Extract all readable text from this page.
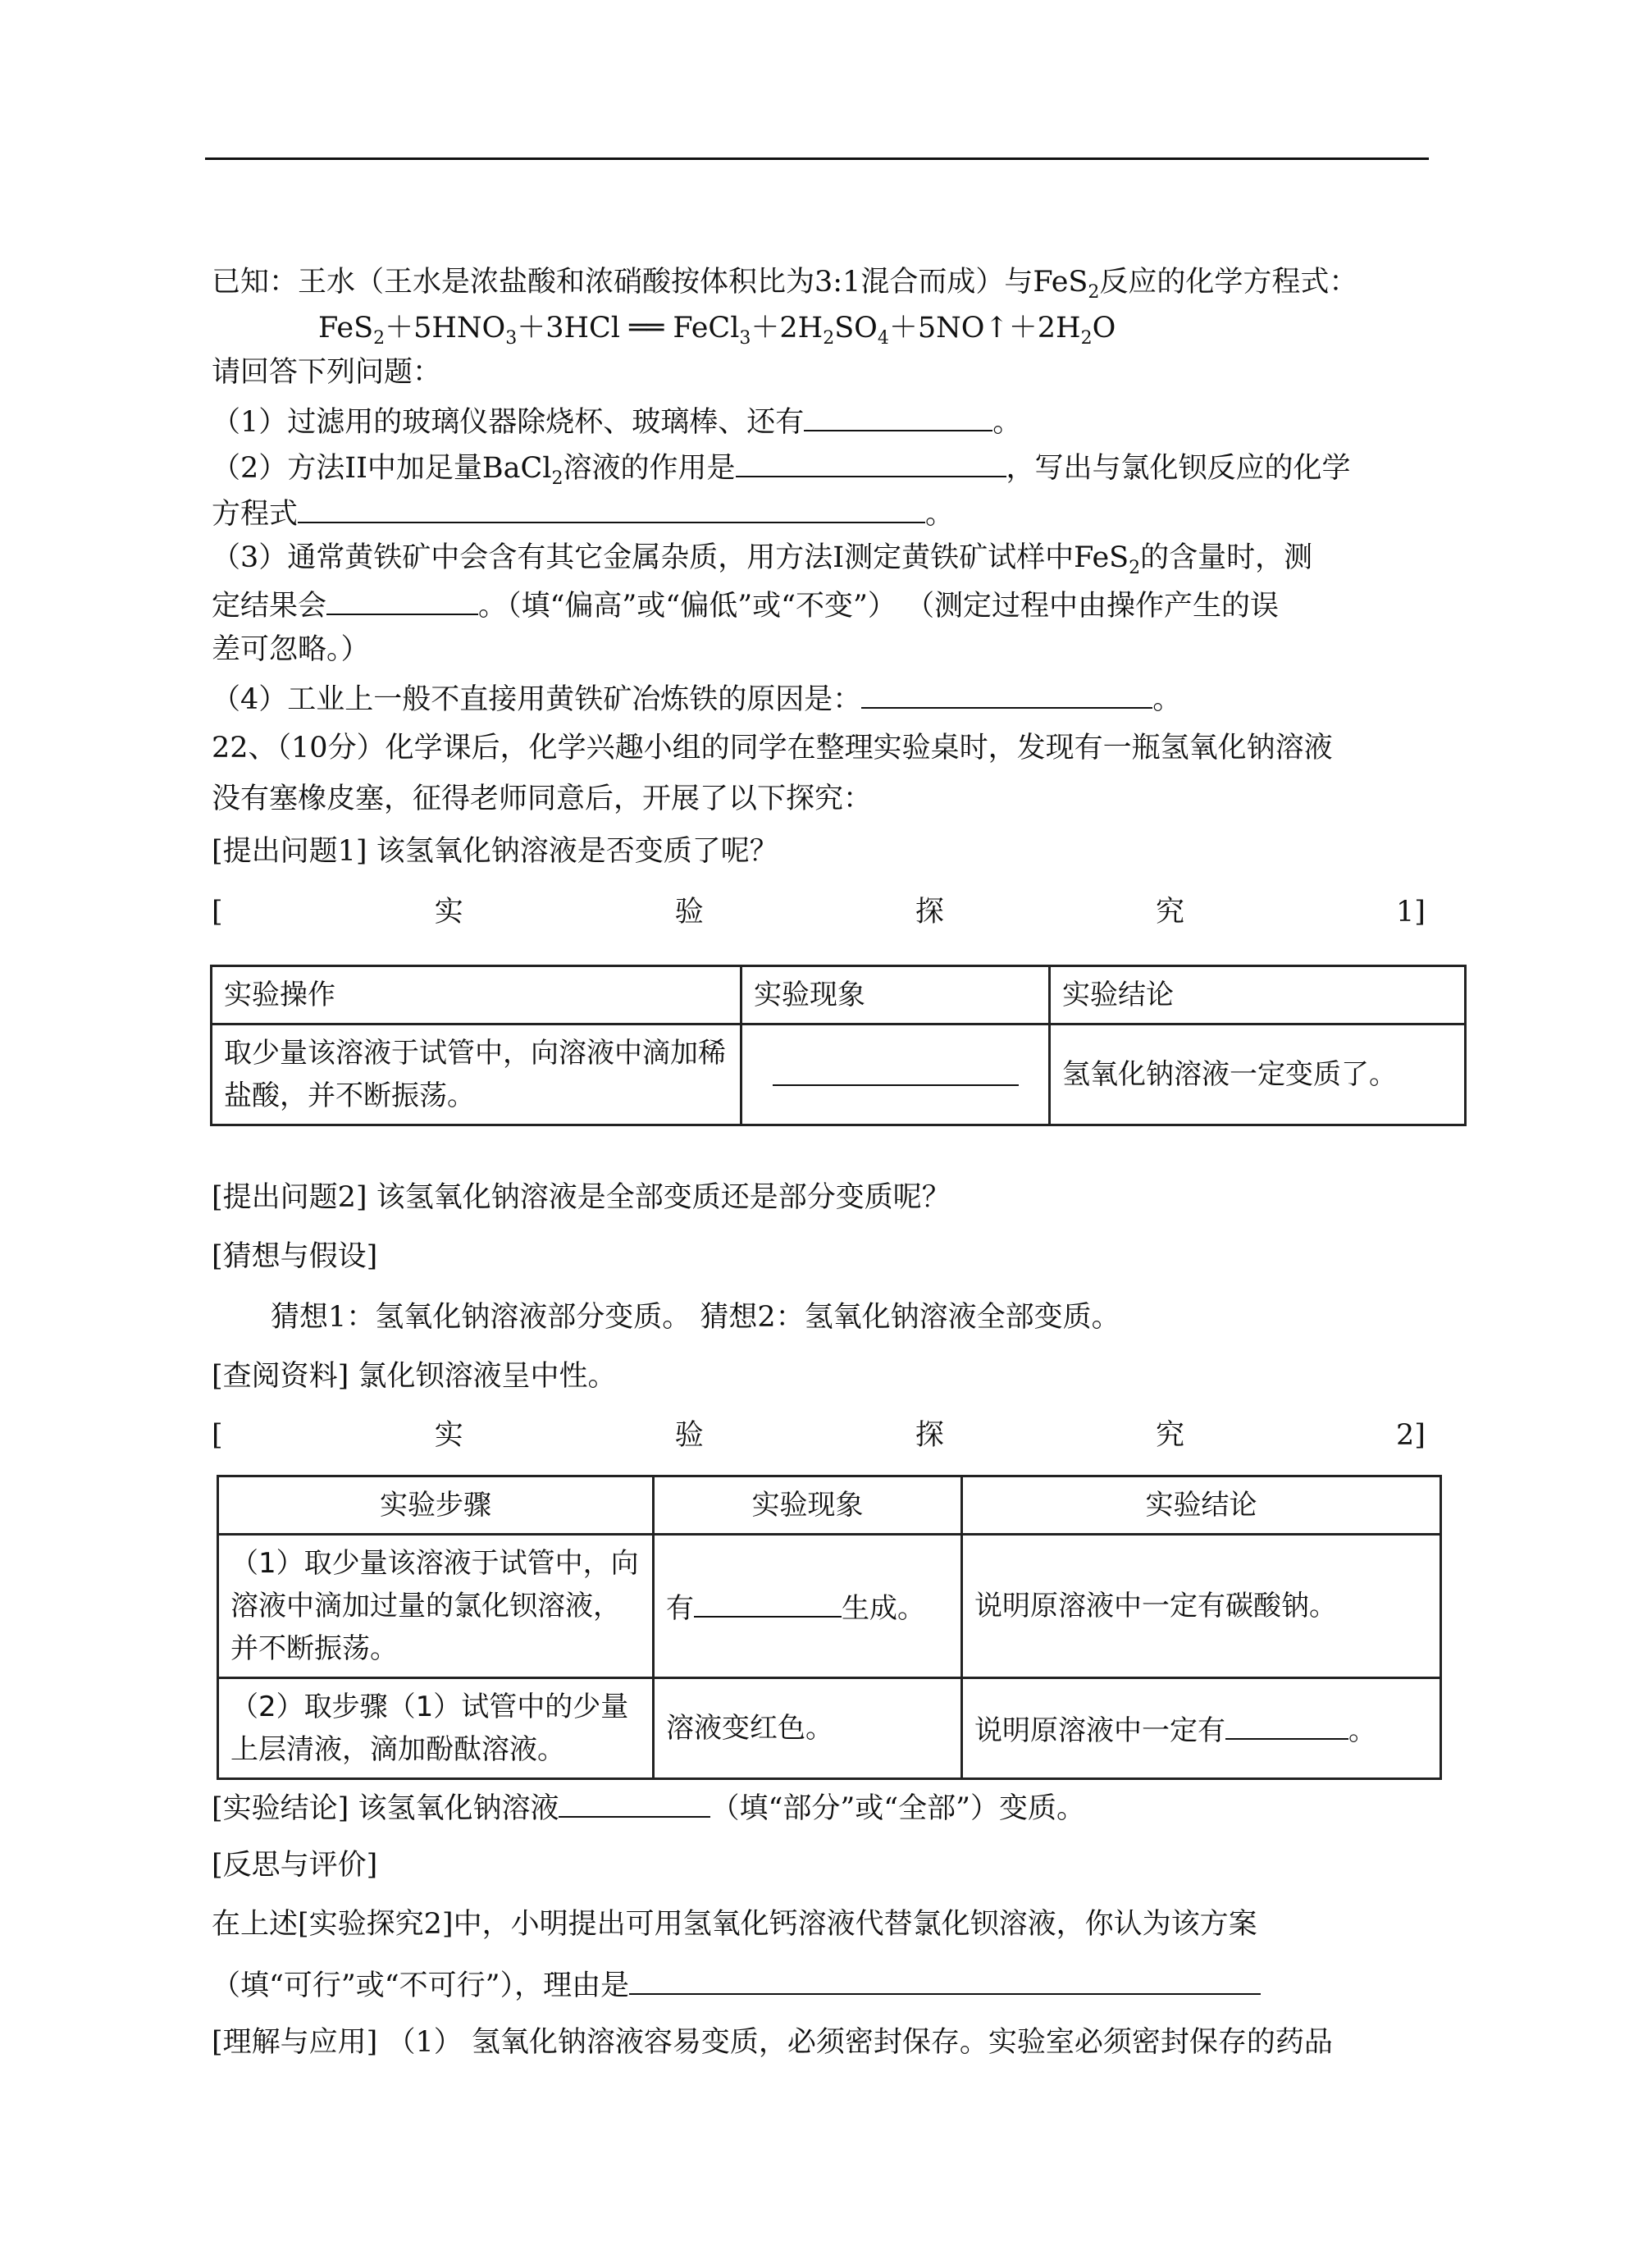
已知：王水（王水是浓盐酸和浓硝酸按体积比为3:1混合而成）与FeS$_2$反应的化学方程式：
$FeS_2+5HNO_3+3HCl$ ══ $FeCl_3+2H_2SO_4+5NO↑+2H_2O$
请回答下列问题：
（1）过滤用的玻璃仪器除烧杯、玻璃棒、还有	。
（2）方法II中加足量BaCl$_2$溶液的作用是	，写出与氯化钡反应的化学
方程式	。
（3）通常黄铁矿中会含有其它金属杂质，用方法I测定黄铁矿试样中FeS$_2$的含量时，测
定结果会	。（填“偏高”或“偏低”或“不变”） （测定过程中由操作产生的误
差可忽略。）
（4）工业上一般不直接用黄铁矿冶炼铁的原因是：	。
22、（10分）化学课后，化学兴趣小组的同学在整理实验桌时，发现有一瓶氢氧化钠溶液
没有塞橡皮塞，征得老师同意后，开展了以下探究：
[提出问题1] 该氢氧化钠溶液是否变质了呢？
[	实	验	探	究	1]
实验操作	实验现象	实验结论
取少量该溶液于试管中，向溶液中滴加稀盐酸，并不断振荡。		氢氧化钠溶液一定变质了。
[提出问题2] 该氢氧化钠溶液是全部变质还是部分变质呢？
[猜想与假设]
猜想1：氢氧化钠溶液部分变质。 猜想2：氢氧化钠溶液全部变质。
[查阅资料] 氯化钡溶液呈中性。
[	实	验	探	究	2]
实验步骤	实验现象	实验结论
（1）取少量该溶液于试管中，向溶液中滴加过量的氯化钡溶液，并不断振荡。	有 生成。	说明原溶液中一定有碳酸钠。
（2）取步骤（1）试管中的少量上层清液，滴加酚酞溶液。	溶液变红色。	说明原溶液中一定有 。
[实验结论] 该氢氧化钠溶液	（填“部分”或“全部”）变质。
[反思与评价]
在上述[实验探究2]中，小明提出可用氢氧化钙溶液代替氯化钡溶液，你认为该方案
（填“可行”或“不可行”），理由是
[理解与应用] （1） 氢氧化钠溶液容易变质，必须密封保存。实验室必须密封保存的药品
